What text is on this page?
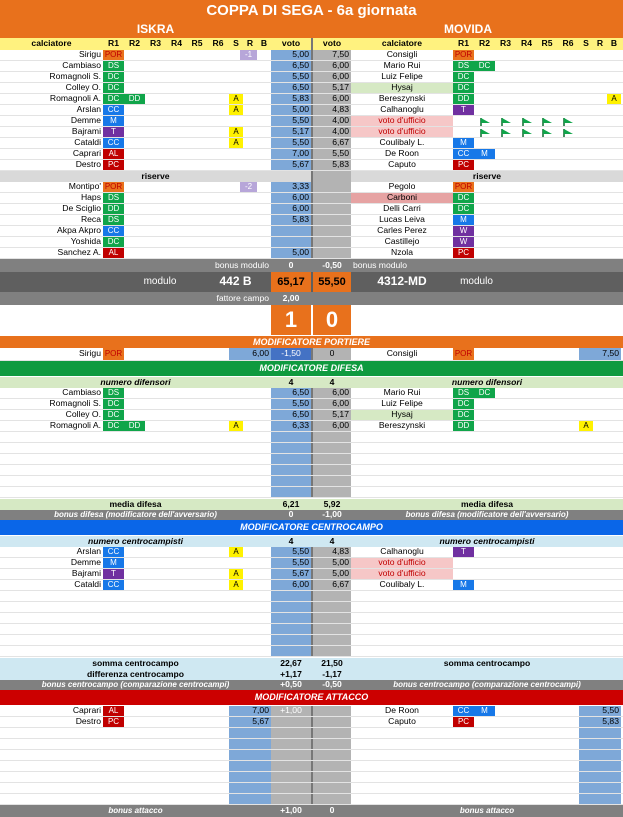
COPPA DI SEGA - 6a giornata
ISKRA	MOVIDA
calciatore	R1	R2	R3	R4	R5	R6	S R B	voto	voto	calciatore	R1	R2	R3	R4	R5	R6	S R B
Sirigu POR	-1	5,00	7,50	Consigli	POR
Cambiaso DS	6,50	6,00	Mario Rui	DS	DC
Romagnoli S. DC	5,50	6,00	Luiz Felipe	DC
Colley O. DC	6,50	5,17	Hysaj	DC
Romagnoli A. DC	DD	A	5,83	6,00	Bereszynski	DD	A
Arslan CC	A	5,00	4,83	Calhanoglu	T
Demme	M	5,50	4,00	voto d'ufficio
Bajrami	T	A	5,17	4,00	voto d'ufficio
Cataldi CC	A	5,50	6,67	Coulibaly L.	M
Caprari AL	7,00	5,50	De Roon	CC	M
Destro PC	5,67	5,83	Caputo	PC
riserve	riserve
Montipo' POR	-2	3,33	Pegolo	POR
Haps DS	6,00	Carboni	DC
De Sciglio DD	6,00	Delli Carri	DC
Reca DS	5,83	Lucas Leiva	M
Akpa Akpro CC	Carles Perez	W
Yoshida DC	Castillejo	W
Sanchez A. AL	5,00	Nzola	PC
bonus modulo	0	-0,50	bonus modulo
modulo	442 B	65,17	55,50	4312-MD	modulo
fattore campo	2,00
1	0
MODIFICATORE PORTIERE
Sirigu POR	6,00	-1,50	0	Consigli	POR	7,50
MODIFICATORE DIFESA
numero difensori	4	4	numero difensori
Cambiaso DS	6,50	6,00	Mario Rui	DS	DC
Romagnoli S. DC	5,50	6,00	Luiz Felipe	DC
Colley O. DC	6,50	5,17	Hysaj	DC
Romagnoli A. DC	DD	A	6,33	6,00	Bereszynski	DD	A
media difesa	6,21	5,92	media difesa
bonus difesa (modificatore dell'avversario)	0	-1,00	bonus difesa (modificatore dell'avversario)
MODIFICATORE CENTROCAMPO
numero centrocampisti	4	4	numero centrocampisti
Arslan CC	A	5,50	4,83	Calhanoglu	T
Demme	M	5,50	5,00	voto d'ufficio
Bajrami	T	A	5,67	5,00	voto d'ufficio
Cataldi CC	A	6,00	6,67	Coulibaly L.	M
somma centrocampo	22,67	21,50	somma centrocampo
differenza centrocampo	+1,17	-1,17
bonus centrocampo (comparazione centrocampi)	+0,50	-0,50	bonus centrocampo (comparazione centrocampi)
MODIFICATORE ATTACCO
Caprari AL	7,00	+1,00	De Roon	CC	M	5,50
Destro PC	5,67	Caputo	PC	5,83
bonus attacco	+1,00	0	bonus attacco
